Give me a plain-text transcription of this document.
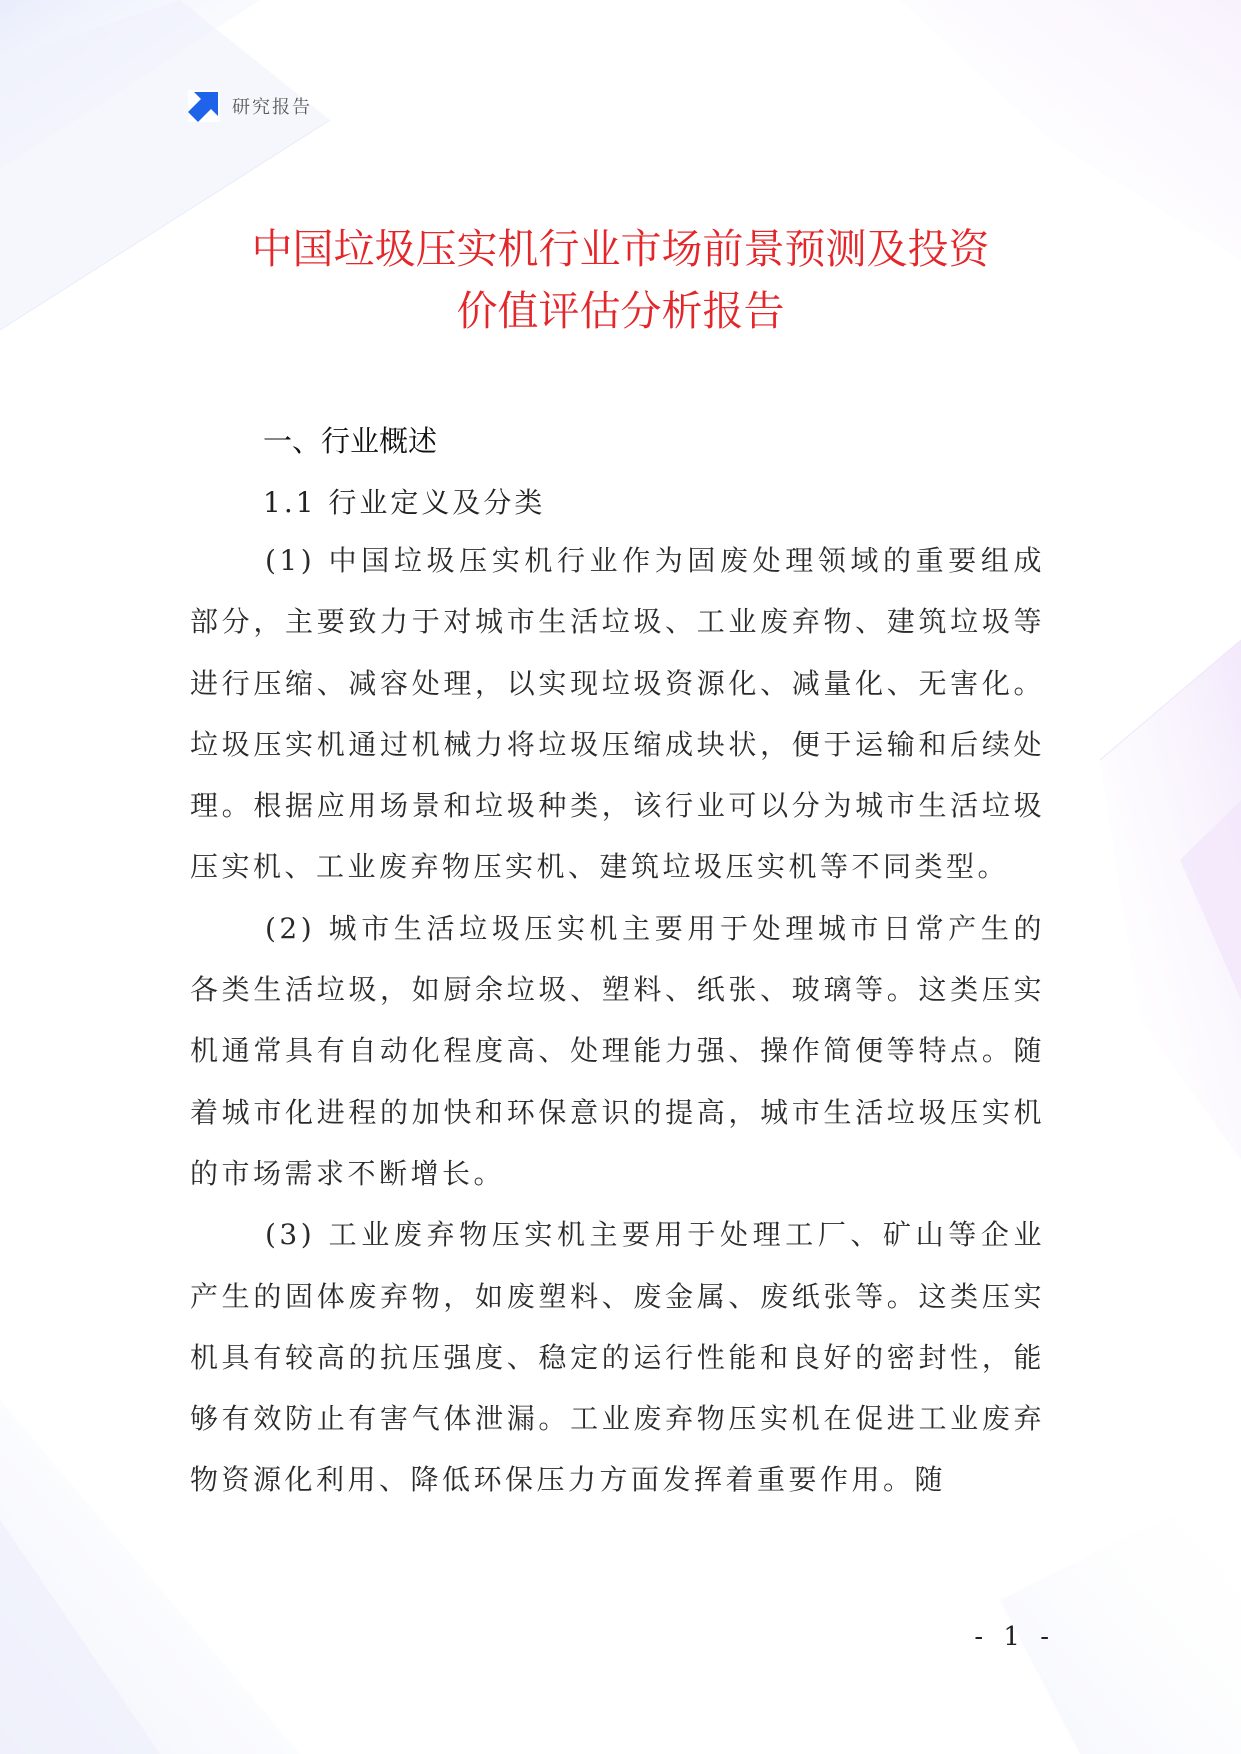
研究报告
中国垃圾压实机行业市场前景预测及投资
价值评估分析报告
一、行业概述
1.1 行业定义及分类

(1) 中国垃圾压实机行业作为固废处理领域的重要组成部分，主要致力于对城市生活垃圾、工业废弃物、建筑垃圾等进行压缩、减容处理，以实现垃圾资源化、减量化、无害化。垃圾压实机通过机械力将垃圾压缩成块状，便于运输和后续处理。根据应用场景和垃圾种类，该行业可以分为城市生活垃圾压实机、工业废弃物压实机、建筑垃圾压实机等不同类型。

(2) 城市生活垃圾压实机主要用于处理城市日常产生的各类生活垃圾，如厨余垃圾、塑料、纸张、玻璃等。这类压实机通常具有自动化程度高、处理能力强、操作简便等特点。随着城市化进程的加快和环保意识的提高，城市生活垃圾压实机的市场需求不断增长。

(3) 工业废弃物压实机主要用于处理工厂、矿山等企业产生的固体废弃物，如废塑料、废金属、废纸张等。这类压实机具有较高的抗压强度、稳定的运行性能和良好的密封性，能够有效防止有害气体泄漏。工业废弃物压实机在促进工业废弃物资源化利用、降低环保压力方面发挥着重要作用。随

- 1 -
